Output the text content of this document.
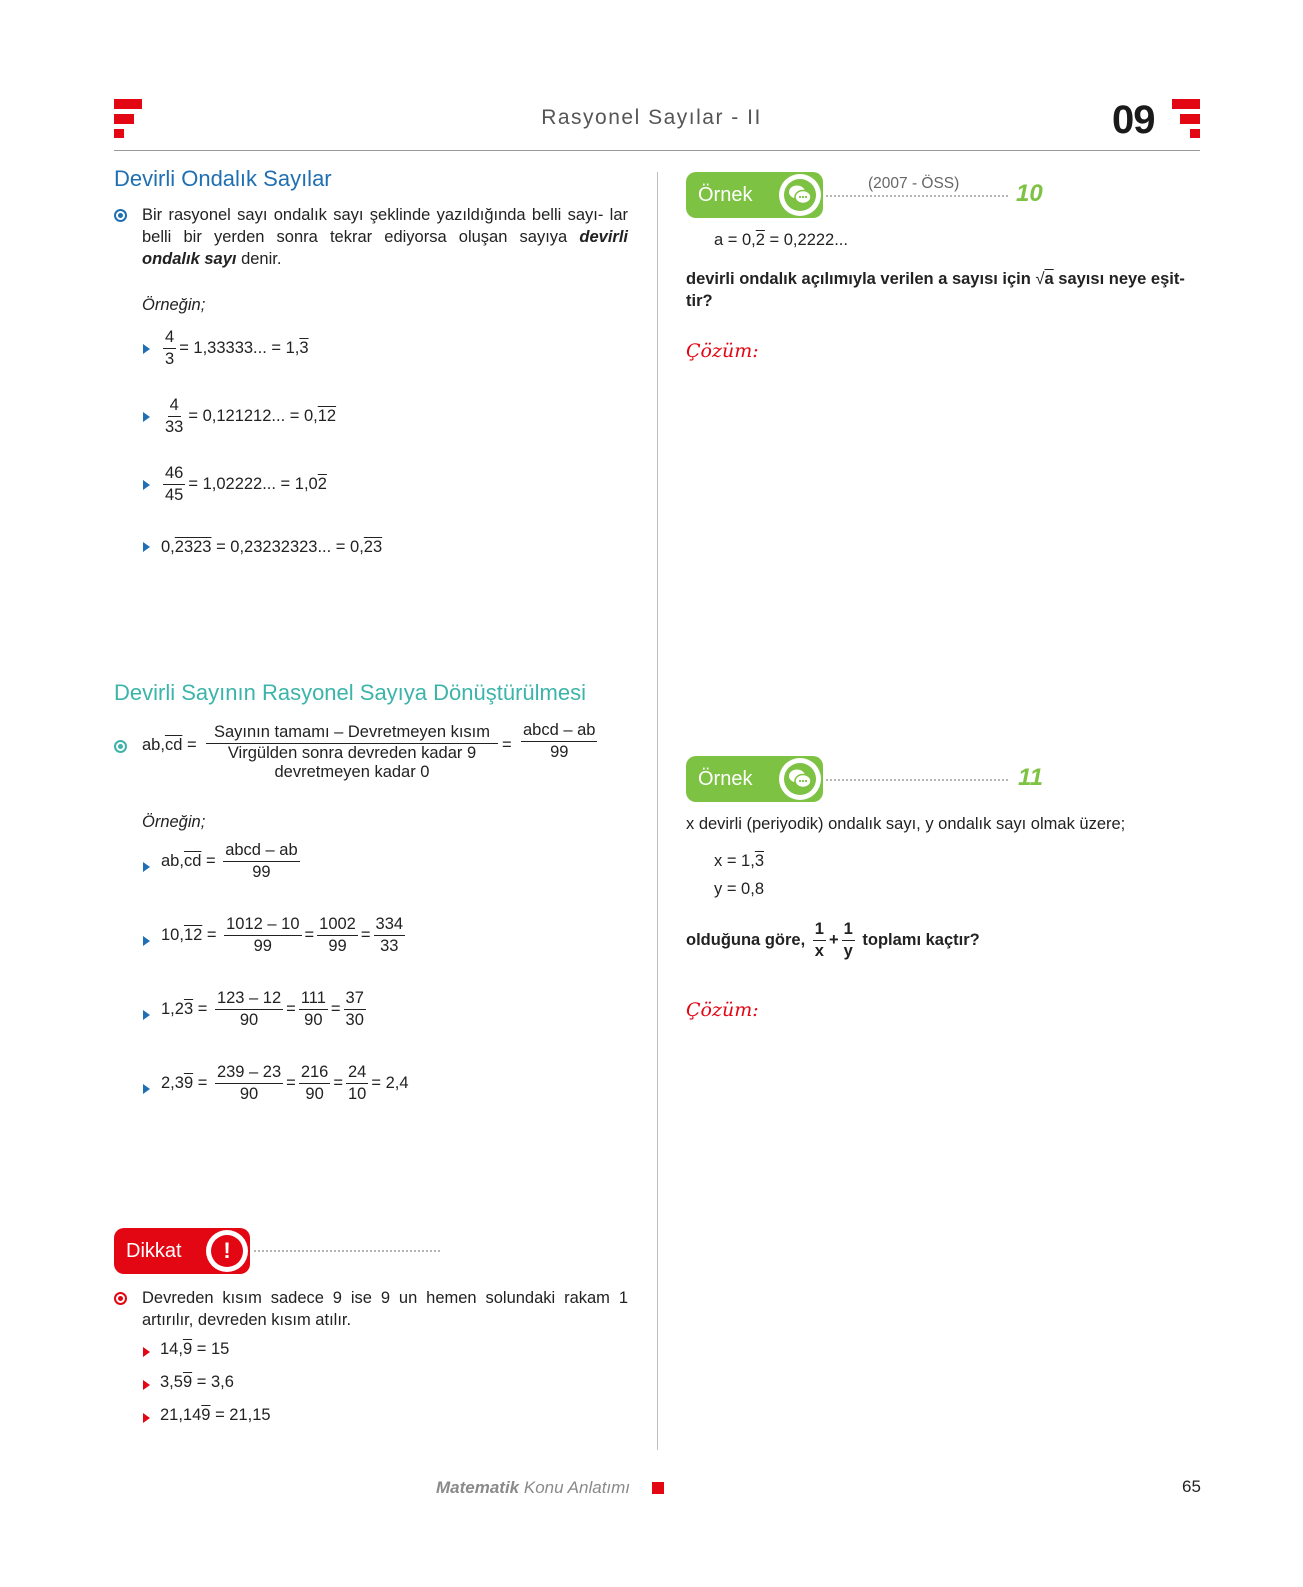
Rasyonel Sayılar - II	09
Devirli Ondalık Sayılar
Bir rasyonel sayı ondalık sayı şeklinde yazıldığında belli sayı- lar belli bir yerden sonra tekrar ediyorsa oluşan sayıya devirli ondalık sayı denir.
Örneğin;
$\frac{4}{3} = 1,33333$... = 1,3
$\frac{4}{33} = 0,121212$... = 0,12
$\frac{46}{45} = 1,02222$... = 1,02
0,2323 = 0,23232323... = 0,23
Devirli Sayının Rasyonel Sayıya Dönüştürülmesi
$ab,\overline{cd}$ =
Sayının tamamı – Devretmeyen kısım
Virgülden sonra devreden kadar 9
devretmeyen kadar 0
= $\frac{\text{abcd – ab}}{99}$
Örneğin;
$ab,\overline{cd} = \frac{\text{abcd – ab}}{99}$
$10,12 = \frac{1012 - 10}{99} = \frac{1002}{99} = \frac{334}{33}$
$1,23 = \frac{123 - 12}{90} = \frac{111}{90} = \frac{37}{30}$
$2,39 = \frac{239 - 23}{90} = \frac{216}{90} = \frac{24}{10} = 2,4$
Dikkat	!
Devreden kısım sadece 9 ise 9 un hemen solundaki rakam 1 artırılır, devreden kısım atılır.
14,9 = 15
3,59 = 3,6
21,149 = 21,15
Örnek
(2007 - ÖSS) 10
a = 0,2 = 0,2222...
devirli ondalık açılımıyla verilen a sayısı için √a sayısı neye eşit-
tir?
Çözüm:
Örnek	11
x devirli (periyodik) ondalık sayı, y ondalık sayı olmak üzere;
x = 1,3
y = 0,8
olduğuna göre, $\frac{1}{x} + \frac{1}{y}$ toplamı kaçtır?
Çözüm:
Matematik Konu Anlatımı	65
